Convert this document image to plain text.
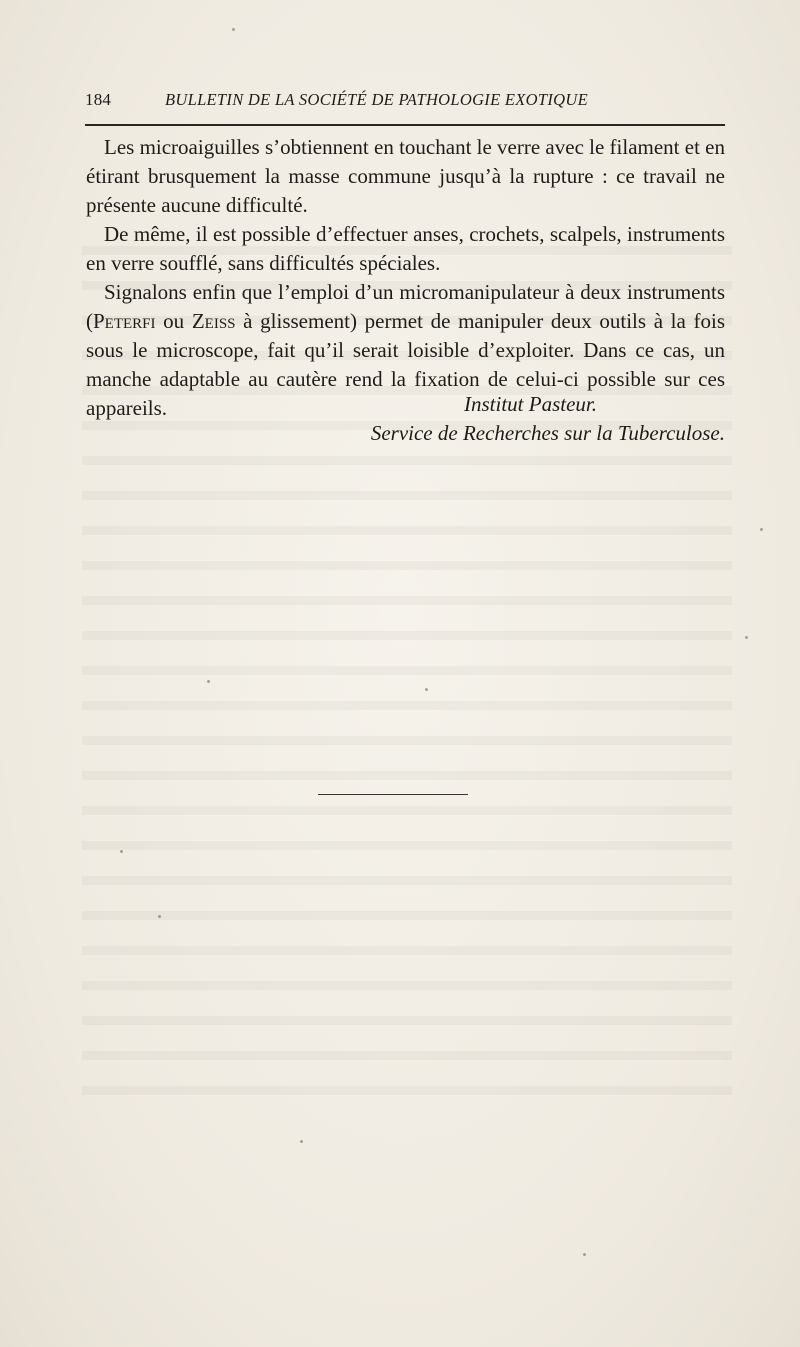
184	BULLETIN DE LA SOCIÉTÉ DE PATHOLOGIE EXOTIQUE

Les microaiguilles s’obtiennent en touchant le verre avec le filament et en étirant brusquement la masse commune jusqu’à la rupture : ce travail ne présente aucune difficulté.

De même, il est possible d’effectuer anses, crochets, scalpels, instruments en verre soufflé, sans difficultés spéciales.

Signalons enfin que l’emploi d’un micromanipulateur à deux instruments (Peterfi ou Zeiss à glissement) permet de manipuler deux outils à la fois sous le microscope, fait qu’il serait loisible d’exploiter. Dans ce cas, un manche adaptable au cautère rend la fixation de celui-ci possible sur ces appareils.	Institut Pasteur.
Service de Recherches sur la Tuberculose.
